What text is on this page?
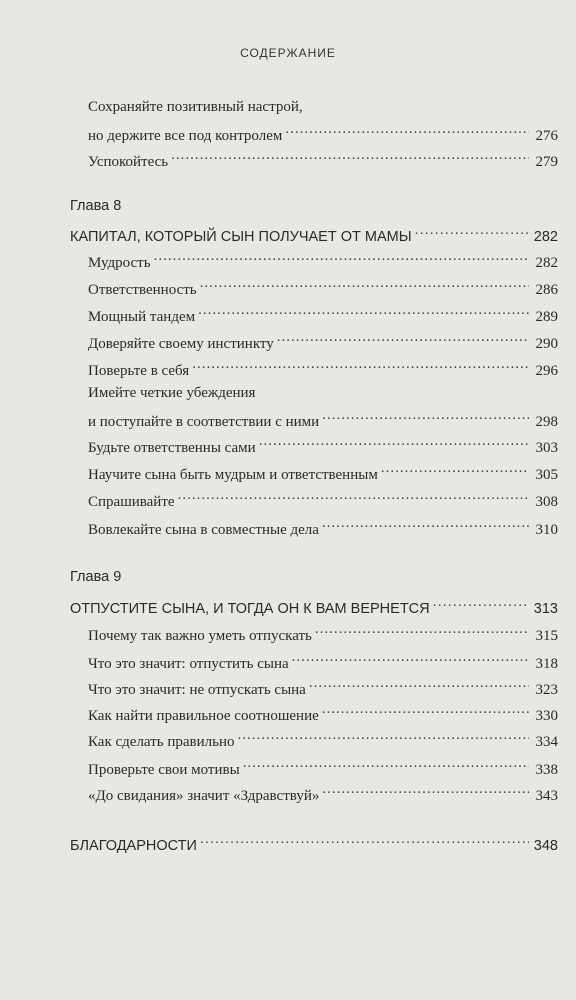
СОДЕРЖАНИЕ
Сохраняйте позитивный настрой,
но держите все под контролем .....	276
Успокойтесь .....	279
Глава 8
КАПИТАЛ, КОТОРЫЙ СЫН ПОЛУЧАЕТ ОТ МАМЫ .....	282
Мудрость .....	282
Ответственность .....	286
Мощный тандем .....	289
Доверяйте своему инстинкту .....	290
Поверьте в себя .....	296
Имейте четкие убеждения
и поступайте в соответствии с ними .....	298
Будьте ответственны сами .....	303
Научите сына быть мудрым и ответственным .....	305
Спрашивайте .....	308
Вовлекайте сына в совместные дела .....	310
Глава 9
ОТПУСТИТЕ СЫНА, И ТОГДА ОН К ВАМ ВЕРНЕТСЯ .....	313
Почему так важно уметь отпускать .....	315
Что это значит: отпустить сына .....	318
Что это значит: не отпускать сына .....	323
Как найти правильное соотношение .....	330
Как сделать правильно .....	334
Проверьте свои мотивы .....	338
«До свидания» значит «Здравствуй» .....	343
БЛАГОДАРНОСТИ .....	348
